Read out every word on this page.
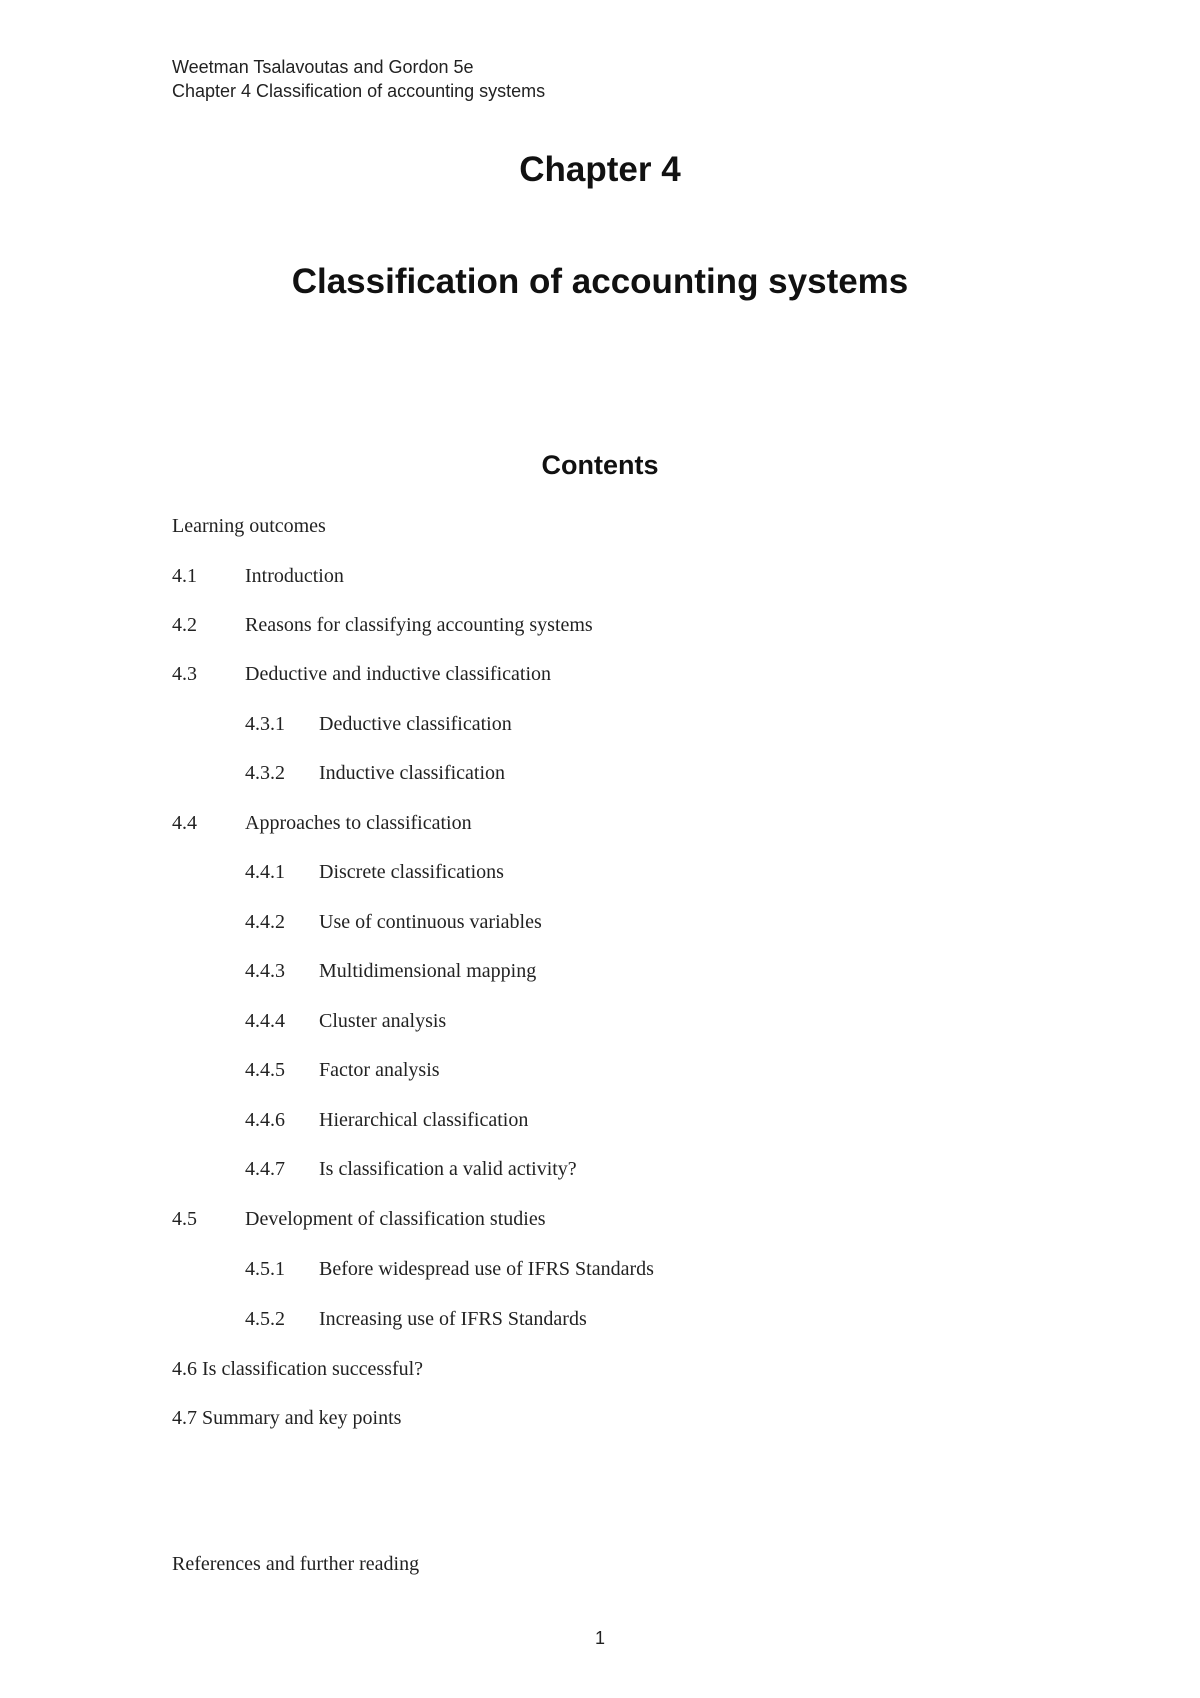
Weetman Tsalavoutas and Gordon 5e
Chapter 4 Classification of accounting systems
Chapter 4
Classification of accounting systems
Contents
Learning outcomes
4.1 Introduction
4.2 Reasons for classifying accounting systems
4.3 Deductive and inductive classification
4.3.1 Deductive classification
4.3.2 Inductive classification
4.4 Approaches to classification
4.4.1 Discrete classifications
4.4.2 Use of continuous variables
4.4.3 Multidimensional mapping
4.4.4 Cluster analysis
4.4.5 Factor analysis
4.4.6 Hierarchical classification
4.4.7 Is classification a valid activity?
4.5 Development of classification studies
4.5.1 Before widespread use of IFRS Standards
4.5.2 Increasing use of IFRS Standards
4.6 Is classification successful?
4.7 Summary and key points
References and further reading
1
